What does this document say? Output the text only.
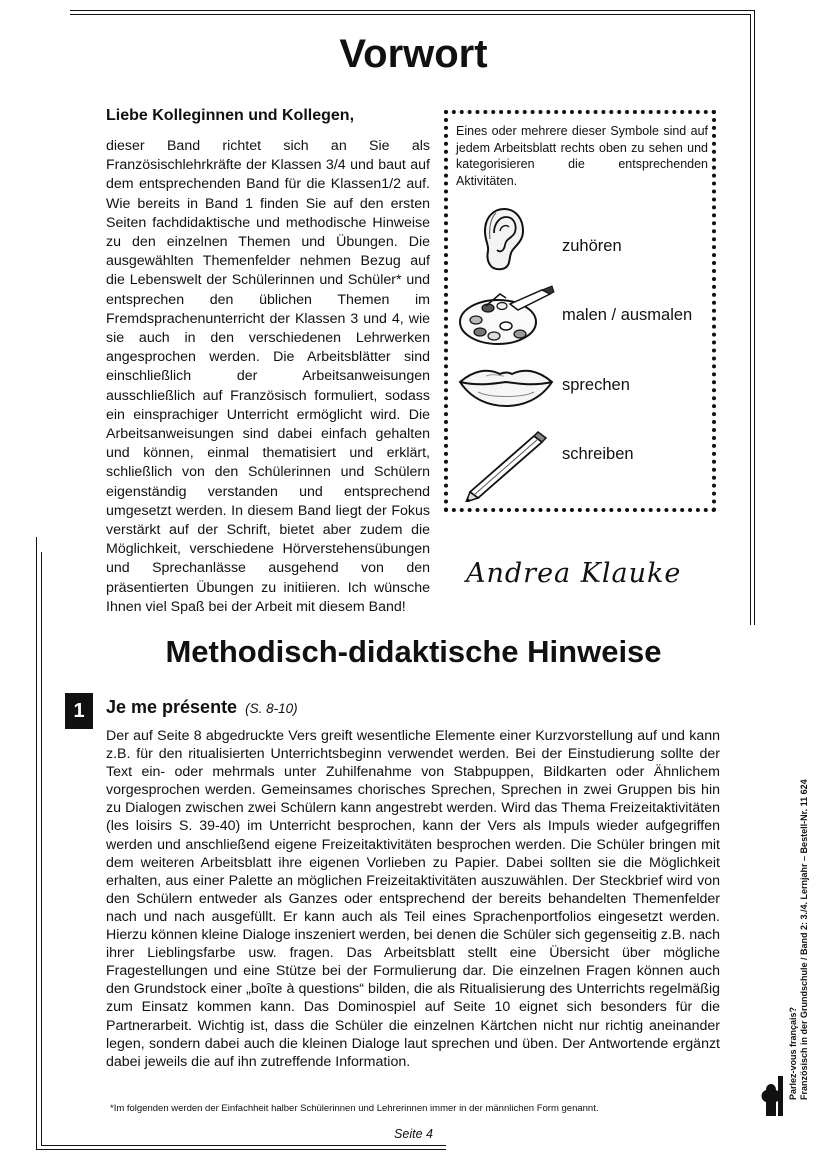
Vorwort
Liebe Kolleginnen und Kollegen,

dieser Band richtet sich an Sie als Französischlehrkräfte der Klassen 3/4 und baut auf dem entsprechenden Band für die Klassen1/2 auf. Wie bereits in Band 1 finden Sie auf den ersten Seiten fachdidaktische und methodische Hinweise zu den einzelnen Themen und Übungen. Die ausgewählten Themenfelder nehmen Bezug auf die Lebenswelt der Schülerinnen und Schüler* und entsprechen den üblichen Themen im Fremdsprachenunterricht der Klassen 3 und 4, wie sie auch in den verschiedenen Lehrwerken angesprochen werden. Die Arbeitsblätter sind einschließlich der Arbeitsanweisungen ausschließlich auf Französisch formuliert, sodass ein einsprachiger Unterricht ermöglicht wird. Die Arbeitsanweisungen sind dabei einfach gehalten und können, einmal thematisiert und erklärt, schließlich von den Schülerinnen und Schülern eigenständig verstanden und entsprechend umgesetzt werden. In diesem Band liegt der Fokus verstärkt auf der Schrift, bietet aber zudem die Möglichkeit, verschiedene Hörverstehensübungen und Sprechanlässe ausgehend von den präsentierten Übungen zu initiieren. Ich wünsche Ihnen viel Spaß bei der Arbeit mit diesem Band!

Eines oder mehrere dieser Symbole sind auf jedem Arbeitsblatt rechts oben zu sehen und kategorisieren die entsprechenden Aktivitäten.

zuhören
malen / ausmalen
sprechen
schreiben
Andrea Klauke
Methodisch-didaktische Hinweise
1	Je me présente (S. 8-10)

Der auf Seite 8 abgedruckte Vers greift wesentliche Elemente einer Kurzvorstellung auf und kann z.B. für den ritualisierten Unterrichtsbeginn verwendet werden. Bei der Einstudierung sollte der Text ein- oder mehrmals unter Zuhilfenahme von Stabpuppen, Bildkarten oder Ähnlichem vorgesprochen werden. Gemeinsames chorisches Sprechen, Sprechen in zwei Gruppen bis hin zu Dialogen zwischen zwei Schülern kann angestrebt werden. Wird das Thema Freizeitaktivitäten (les loisirs S. 39-40) im Unterricht besprochen, kann der Vers als Impuls wieder aufgegriffen werden und anschließend eigene Freizeitaktivitäten besprochen werden. Die Schüler bringen mit dem weiteren Arbeitsblatt ihre eigenen Vorlieben zu Papier. Dabei sollten sie die Möglichkeit erhalten, aus einer Palette an möglichen Freizeitaktivitäten auszuwählen. Der Steckbrief wird von den Schülern entweder als Ganzes oder entsprechend der bereits behandelten Themenfelder nach und nach ausgefüllt. Er kann auch als Teil eines Sprachenportfolios eingesetzt werden. Hierzu können kleine Dialoge inszeniert werden, bei denen die Schüler sich gegenseitig z.B. nach ihrer Lieblingsfarbe usw. fragen. Das Arbeitsblatt stellt eine Übersicht über mögliche Fragestellungen und eine Stütze bei der Formulierung dar. Die einzelnen Fragen können auch den Grundstock einer „boîte à questions“ bilden, die als Ritualisierung des Unterrichts regelmäßig zum Einsatz kommen kann. Das Dominospiel auf Seite 10 eignet sich besonders für die Partnerarbeit. Wichtig ist, dass die Schüler die einzelnen Kärtchen nicht nur richtig aneinander legen, sondern dabei auch die kleinen Dialoge laut sprechen und üben. Der Antwortende ergänzt dabei jeweils die auf ihn zutreffende Information.

*Im folgenden werden der Einfachheit halber Schülerinnen und Lehrerinnen immer in der männlichen Form genannt.

Seite 4
Parlez-vous français? Französisch in der Grundschule / Band 2: 3./4. Lernjahr – Bestell-Nr. 11 624
